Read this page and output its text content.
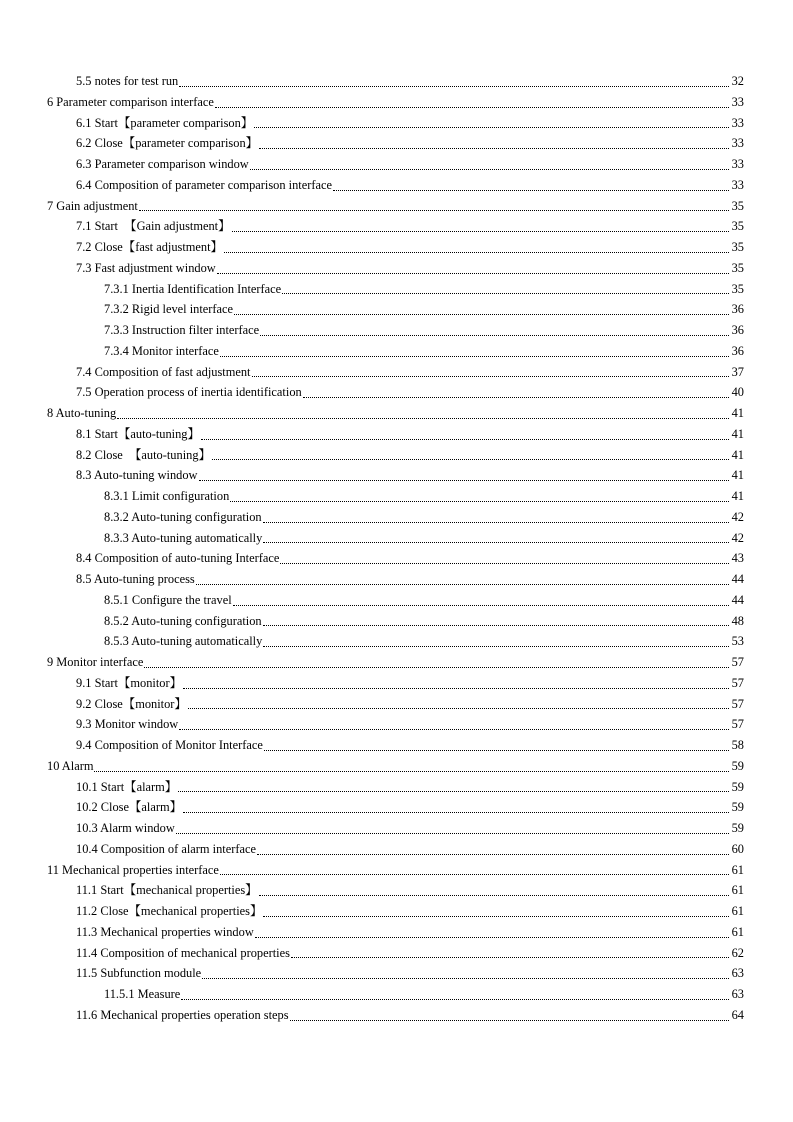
5.5 notes for test run	32
6 Parameter comparison interface	33
6.1 Start【parameter comparison】	33
6.2 Close【parameter comparison】	33
6.3 Parameter comparison window	33
6.4 Composition of parameter comparison interface	33
7 Gain adjustment	35
7.1 Start  【Gain adjustment】	35
7.2 Close【fast adjustment】	35
7.3 Fast adjustment window	35
7.3.1 Inertia Identification Interface	35
7.3.2 Rigid level interface	36
7.3.3 Instruction filter interface	36
7.3.4 Monitor interface	36
7.4 Composition of fast adjustment	37
7.5 Operation process of inertia identification	40
8 Auto-tuning	41
8.1 Start【auto-tuning】	41
8.2 Close  【auto-tuning】	41
8.3 Auto-tuning window	41
8.3.1 Limit configuration	41
8.3.2 Auto-tuning configuration	42
8.3.3 Auto-tuning automatically	42
8.4 Composition of auto-tuning Interface	43
8.5 Auto-tuning process	44
8.5.1 Configure the travel	44
8.5.2 Auto-tuning configuration	48
8.5.3 Auto-tuning automatically	53
9 Monitor interface	57
9.1 Start【monitor】	57
9.2 Close【monitor】	57
9.3 Monitor window	57
9.4 Composition of Monitor Interface	58
10 Alarm	59
10.1 Start【alarm】	59
10.2 Close【alarm】	59
10.3 Alarm window	59
10.4 Composition of alarm interface	60
11 Mechanical properties interface	61
11.1 Start【mechanical properties】	61
11.2 Close【mechanical properties】	61
11.3 Mechanical properties window	61
11.4 Composition of mechanical properties	62
11.5 Subfunction module	63
11.5.1 Measure	63
11.6 Mechanical properties operation steps	64
